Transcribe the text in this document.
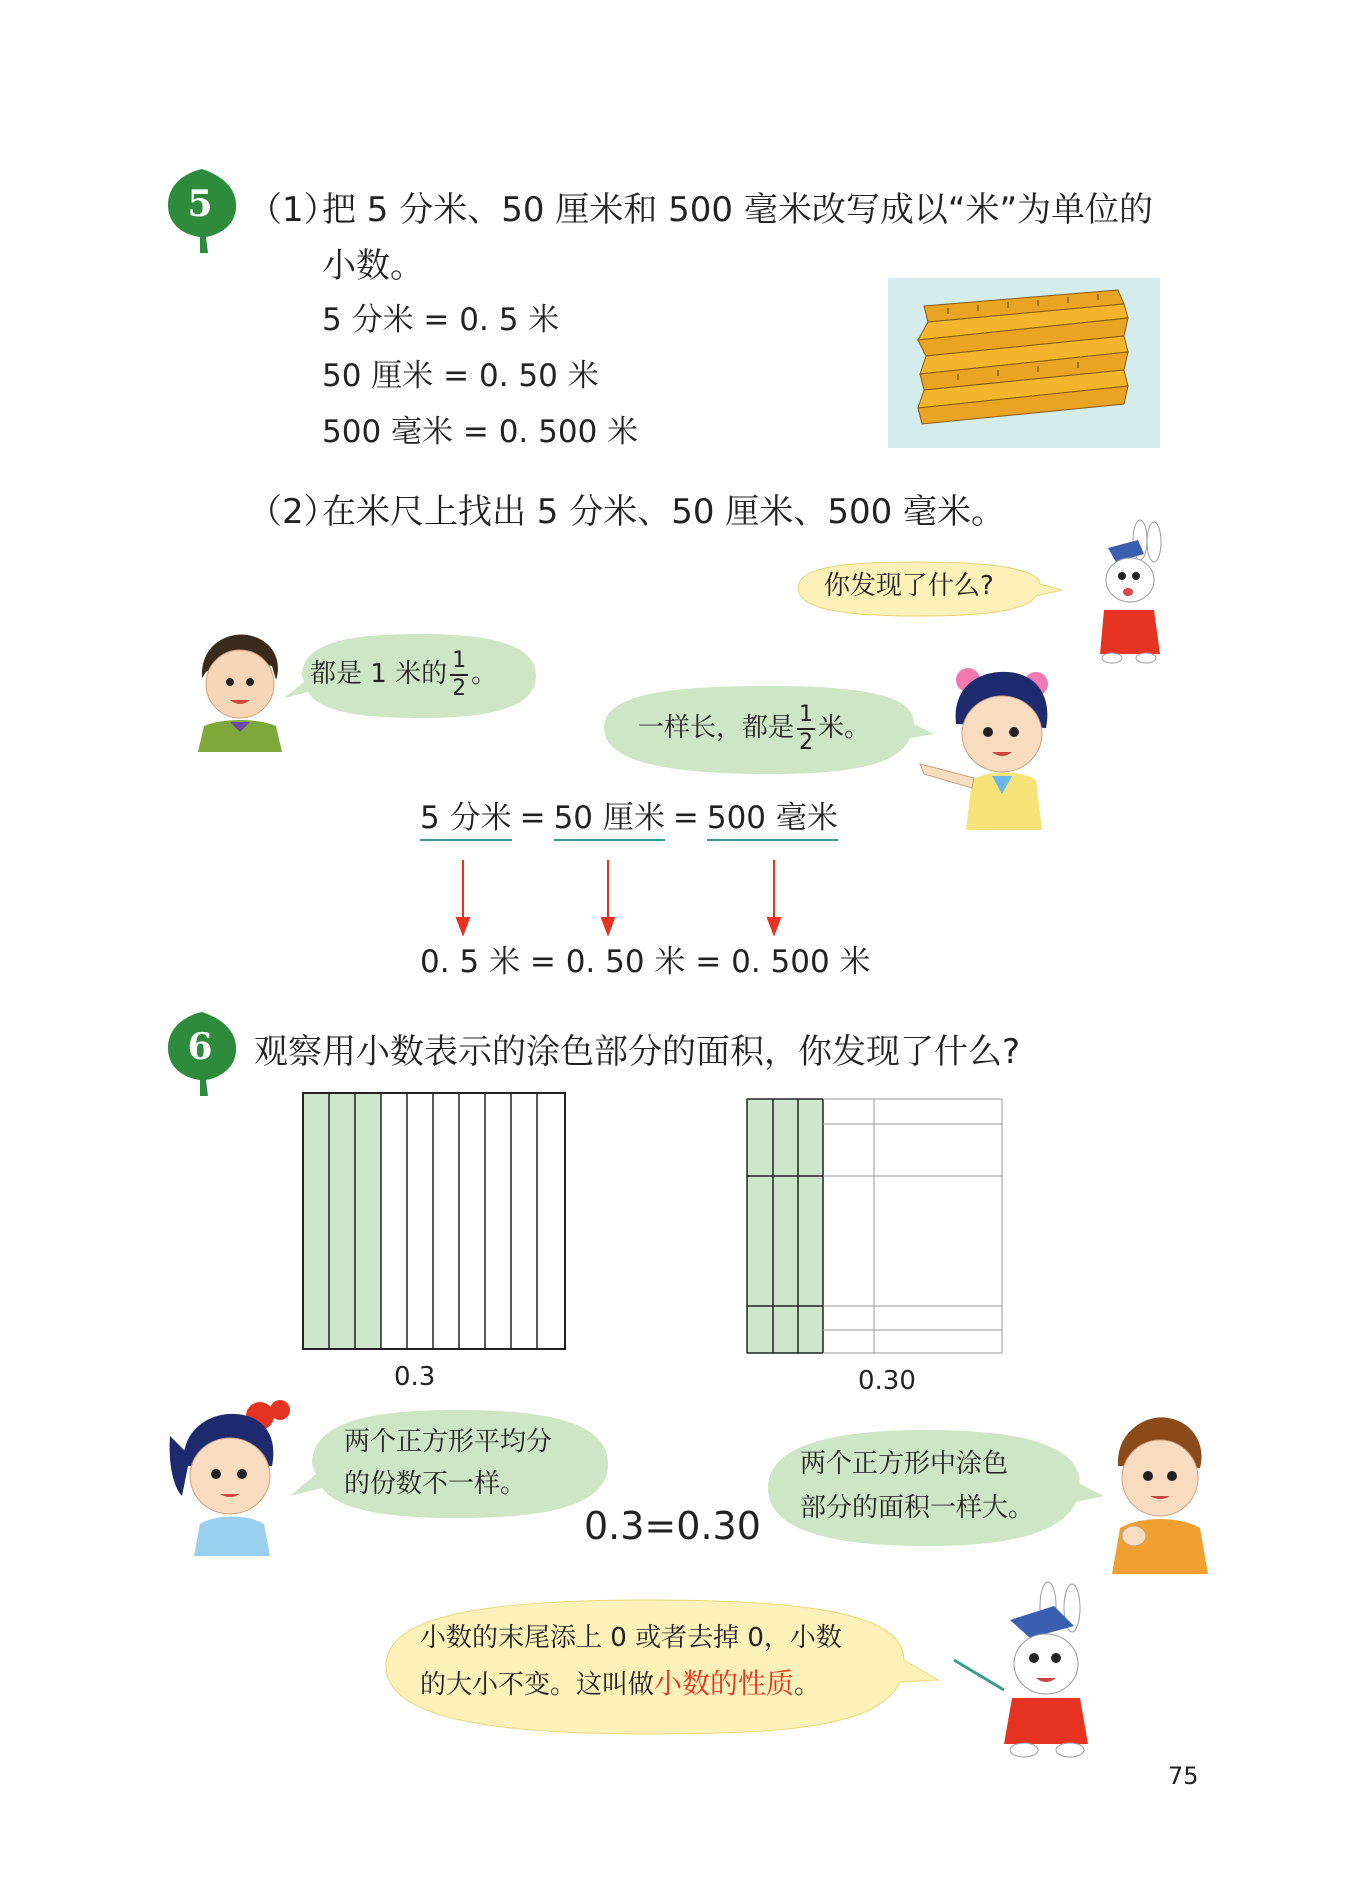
5	（1）
把 5 分米、50 厘米和 500 毫米改写成以“米”为单位的
小数。
5 分米 = 0. 5 米
50 厘米 = 0. 50 米
500 毫米 = 0. 500 米
（2）
在米尺上找出 5 分米、50 厘米、500 毫米。
你发现了什么?
都是 1 米的 $\frac{1}{2}$ 。
一样长，都是 $\frac{1}{2}$ 米。
5 分米 = 50 厘米 = 500 毫米
0. 5 米 = 0. 50 米 = 0. 500 米
6	观察用小数表示的涂色部分的面积，你发现了什么?
0.3	0.30
两个正方形平均分
的份数不一样。
0.3=0.30
两个正方形中涂色
部分的面积一样大。
小数的末尾添上 0 或者去掉 0，小数
的大小不变。这叫做小数的性质。
75
